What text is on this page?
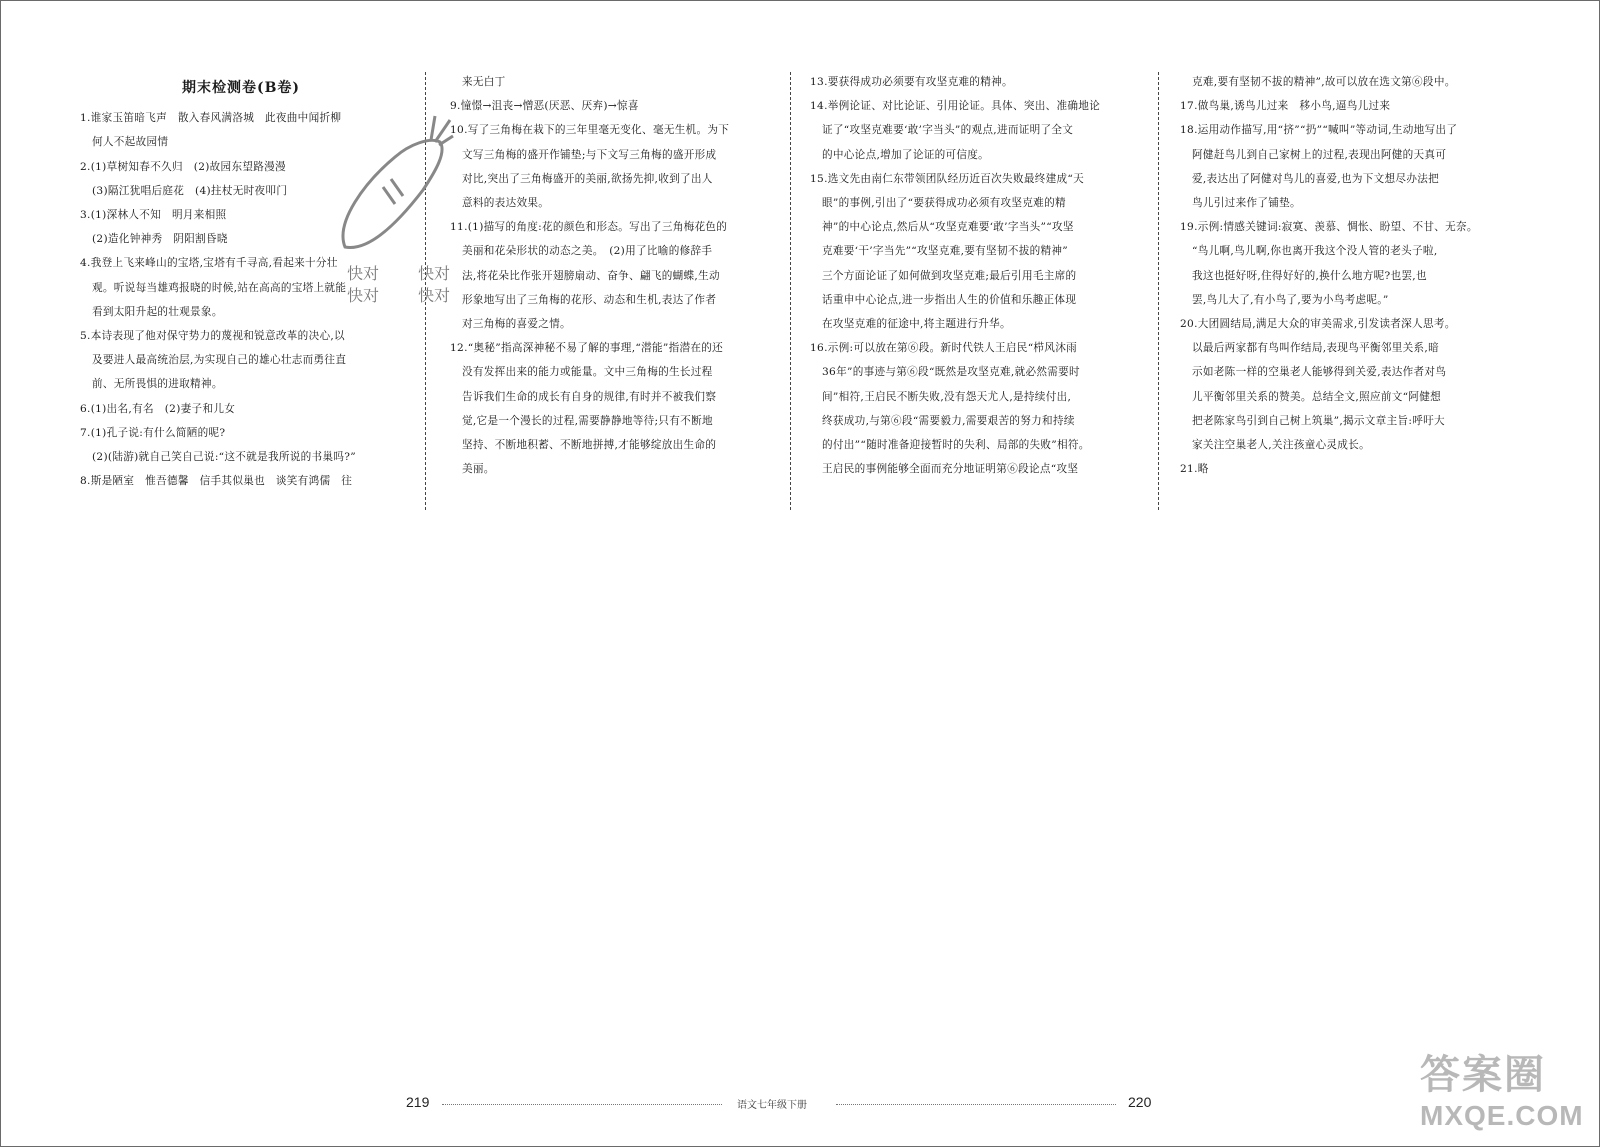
期末检测卷(B卷)

1.谁家玉笛暗飞声　散入春风满洛城　此夜曲中闻折柳

何人不起故园情

2.(1)草树知春不久归　(2)故园东望路漫漫

(3)隔江犹唱后庭花　(4)拄杖无时夜叩门

3.(1)深林人不知　明月来相照

(2)造化钟神秀　阴阳割昏晓

4.我登上飞来峰山的宝塔,宝塔有千寻高,看起来十分壮

观。听说每当雄鸡报晓的时候,站在高高的宝塔上就能

看到太阳升起的壮观景象。

5.本诗表现了他对保守势力的蔑视和锐意改革的决心,以

及要进人最高统治层,为实现自己的雄心壮志而勇往直

前、无所畏惧的进取精神。

6.(1)出名,有名　(2)妻子和儿女

7.(1)孔子说:有什么简陋的呢?

(2)(陆游)就自己笑自己说:“这不就是我所说的书巢吗?”

8.斯是陋室　惟吾德馨　信手其似巢也　谈笑有鸿儒　往

来无白丁

9.憧憬→沮丧→憎恶(厌恶、厌弃)→惊喜

10.写了三角梅在栽下的三年里毫无变化、毫无生机。为下

文写三角梅的盛开作铺垫;与下文写三角梅的盛开形成

对比,突出了三角梅盛开的美丽,欲扬先抑,收到了出人

意料的表达效果。

11.(1)描写的角度:花的颜色和形态。写出了三角梅花色的

美丽和花朵形状的动态之美。　(2)用了比喻的修辞手

法,将花朵比作张开翅膀扇动、奋争、翩飞的蝴蝶,生动

形象地写出了三角梅的花形、动态和生机,表达了作者

对三角梅的喜爱之情。

12.“奥秘”指高深神秘不易了解的事理,“潜能”指潜在的还

没有发挥出来的能力或能量。文中三角梅的生长过程

告诉我们生命的成长有自身的规律,有时并不被我们察

觉,它是一个漫长的过程,需要静静地等待;只有不断地

坚持、不断地积蓄、不断地拼搏,才能够绽放出生命的

美丽。

13.要获得成功必须要有攻坚克难的精神。

14.举例论证、对比论证、引用论证。具体、突出、准确地论

证了“攻坚克难要‘敢’字当头”的观点,进而证明了全文

的中心论点,增加了论证的可信度。

15.选文先由南仁东带领团队经历近百次失败最终建成“天

眼”的事例,引出了“要获得成功必须有攻坚克难的精

神”的中心论点,然后从“攻坚克难要‘敢’字当头”“攻坚

克难要‘干’字当先”“攻坚克难,要有坚韧不拔的精神”

三个方面论证了如何做到攻坚克难;最后引用毛主席的

话重申中心论点,进一步指出人生的价值和乐趣正体现

在攻坚克难的征途中,将主题进行升华。

16.示例:可以放在第⑥段。新时代铁人王启民“栉风沐雨

36年”的事迹与第⑥段“既然是攻坚克难,就必然需要时

间”相符,王启民不断失败,没有怨天尤人,是持续付出,

终获成功,与第⑥段“需要毅力,需要艰苦的努力和持续

的付出”“随时准备迎接暂时的失利、局部的失败”相符。

王启民的事例能够全面而充分地证明第⑥段论点“攻坚

克难,要有坚韧不拔的精神”,故可以放在选文第⑥段中。

17.做鸟巢,诱鸟儿过来　移小鸟,逼鸟儿过来

18.运用动作描写,用“挤”“扔”“喊叫”等动词,生动地写出了

阿健赶鸟儿到自己家树上的过程,表现出阿健的天真可

爱,表达出了阿健对鸟儿的喜爱,也为下文想尽办法把

鸟儿引过来作了铺垫。

19.示例:情感关键词:寂寞、羡慕、惆怅、盼望、不甘、无奈。

“鸟儿啊,鸟儿啊,你也离开我这个没人管的老头子啦,

我这也挺好呀,住得好好的,换什么地方呢?也罢,也

罢,鸟儿大了,有小鸟了,要为小鸟考虑呢。”

20.大团圆结局,满足大众的审美需求,引发读者深人思考。

以最后两家都有鸟叫作结局,表现鸟平衡邻里关系,暗

示如老陈一样的空巢老人能够得到关爱,表达作者对鸟

儿平衡邻里关系的赞美。总结全文,照应前文“阿健想

把老陈家鸟引到自己树上筑巢”,揭示文章主旨:呼吁大

家关注空巢老人,关注孩童心灵成长。

21.略

快对
快对
快对
快对
219	语文七年级下册	220
答案圈
MXQE.COM
